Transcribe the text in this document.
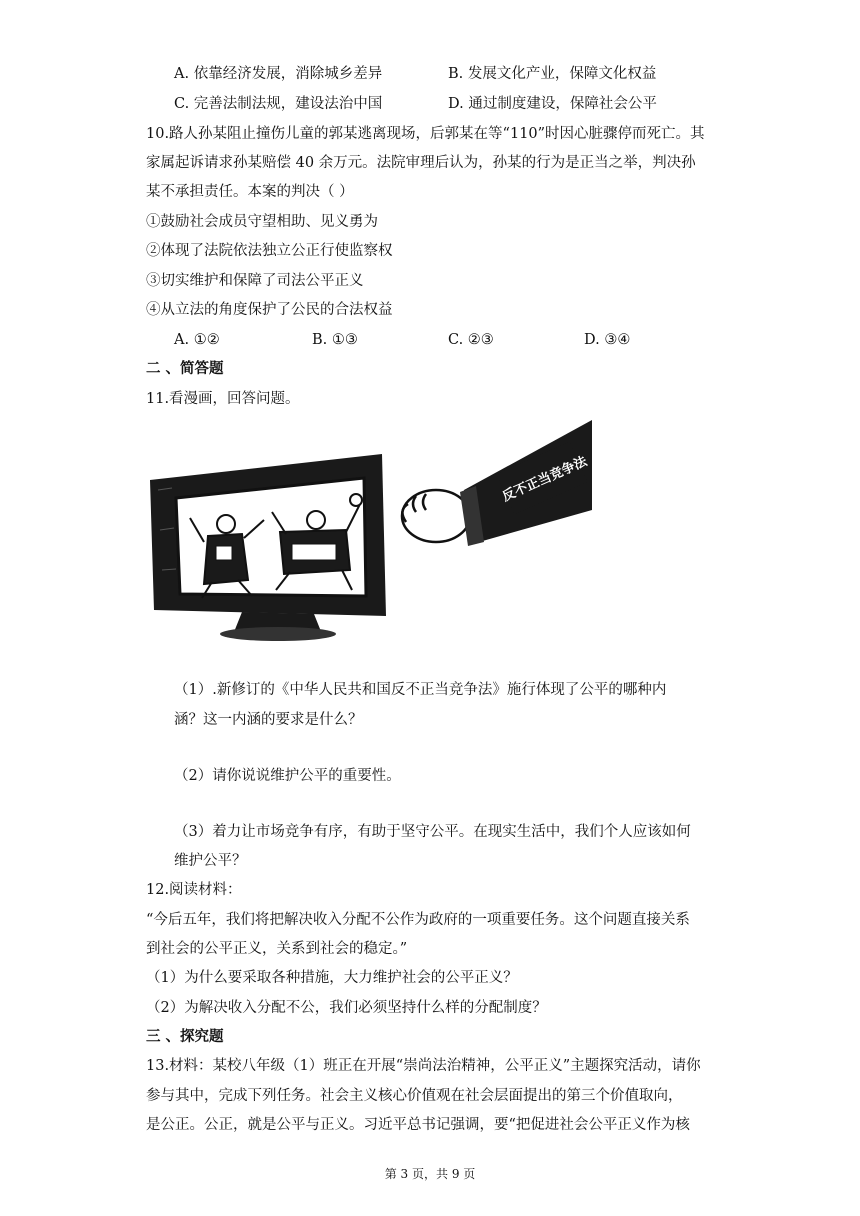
A. 依靠经济发展，消除城乡差异	B. 发展文化产业，保障文化权益
C. 完善法制法规，建设法治中国	D. 通过制度建设，保障社会公平
10.路人孙某阻止撞伤儿童的郭某逃离现场，后郭某在等“110”时因心脏骤停而死亡。其
家属起诉请求孙某赔偿 40 余万元。法院审理后认为，孙某的行为是正当之举，判决孙
某不承担责任。本案的判决（ ）
①鼓励社会成员守望相助、见义勇为
②体现了法院依法独立公正行使监察权
③切实维护和保障了司法公平正义
④从立法的角度保护了公民的合法权益
A. ①②	B. ①③	C. ②③	D. ③④
二 、简答题
11.看漫画，回答问题。
反不正当竞争法
（1）.新修订的《中华人民共和国反不正当竞争法》施行体现了公平的哪种内
涵？这一内涵的要求是什么？
（2）请你说说维护公平的重要性。
（3）着力让市场竞争有序，有助于坚守公平。在现实生活中，我们个人应该如何
维护公平？
12.阅读材料：
“今后五年，我们将把解决收入分配不公作为政府的一项重要任务。这个问题直接关系
到社会的公平正义，关系到社会的稳定。”
（1）为什么要采取各种措施，大力维护社会的公平正义？
（2）为解决收入分配不公，我们必须坚持什么样的分配制度？
三 、探究题
13.材料：某校八年级（1）班正在开展“崇尚法治精神，公平正义”主题探究活动，请你
参与其中，完成下列任务。社会主义核心价值观在社会层面提出的第三个价值取向，
是公正。公正，就是公平与正义。习近平总书记强调，要“把促进社会公平正义作为核
第 3 页，共 9 页
